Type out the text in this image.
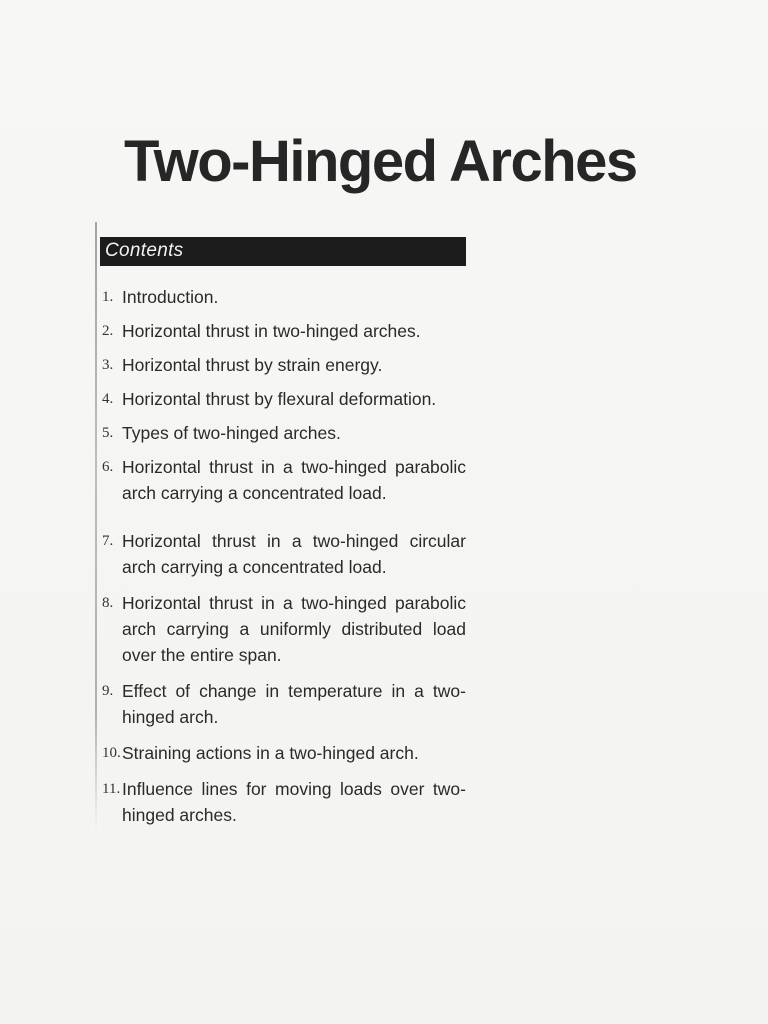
Two-Hinged Arches
Contents
1. Introduction.
2. Horizontal thrust in two-hinged arches.
3. Horizontal thrust by strain energy.
4. Horizontal thrust by flexural deformation.
5. Types of two-hinged arches.
6. Horizontal thrust in a two-hinged parabolic arch carrying a concentrated load.
7. Horizontal thrust in a two-hinged circular arch carrying a concentrated load.
8. Horizontal thrust in a two-hinged parabolic arch carrying a uniformly distributed load over the entire span.
9. Effect of change in temperature in a two-hinged arch.
10. Straining actions in a two-hinged arch.
11. Influence lines for moving loads over two-hinged arches.
